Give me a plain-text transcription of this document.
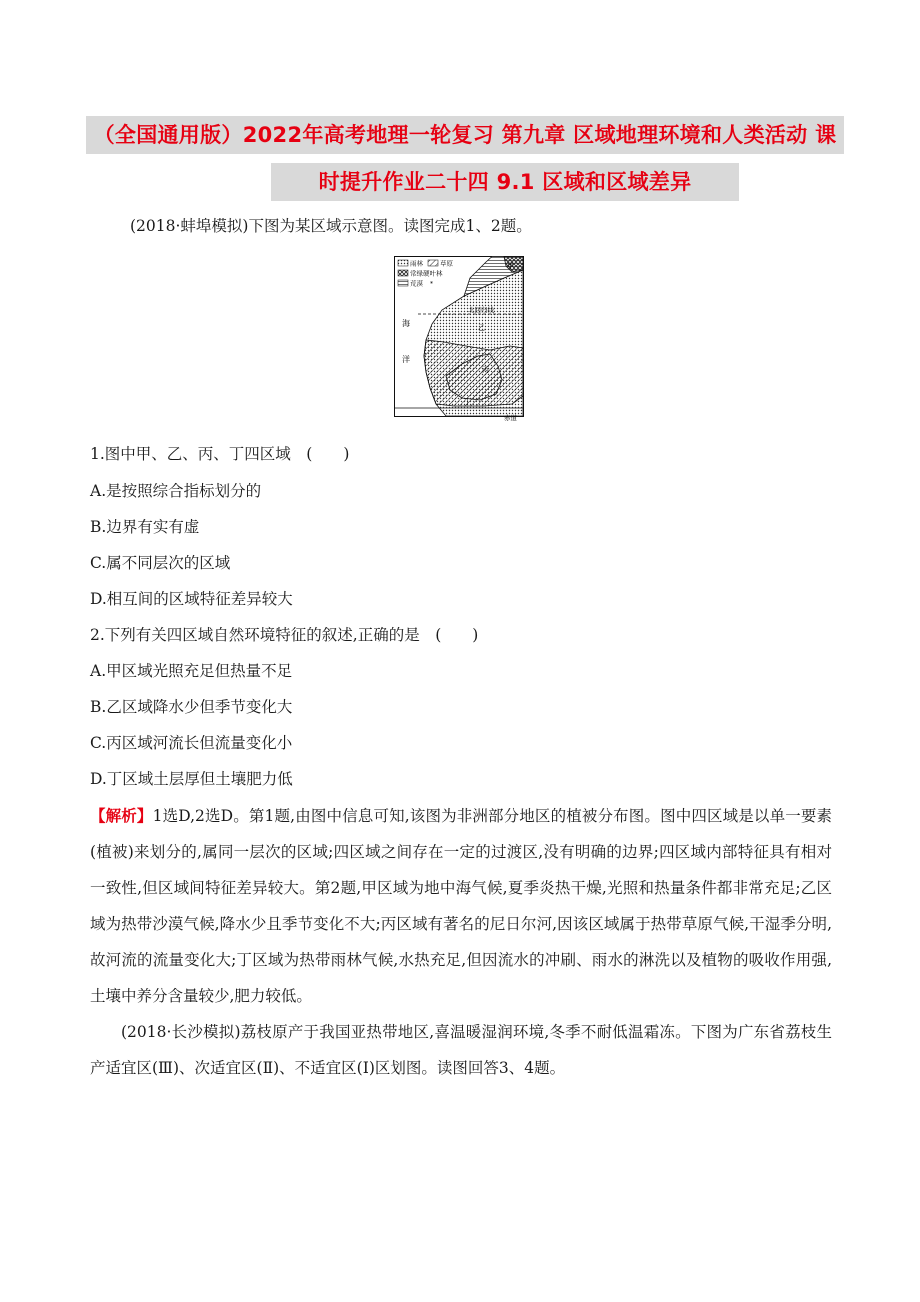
（全国通用版）2022年高考地理一轮复习 第九章 区域地理环境和人类活动 课
时提升作业二十四 9.1 区域和区域差异
(2018·蚌埠模拟)下图为某区域示意图。读图完成1、2题。
雨林	草原
常绿硬叶林
荒漠 *
甲
乙
丙
丁
海
洋
北回归线
赤道
1.图中甲、乙、丙、丁四区域　(　　)
A.是按照综合指标划分的
B.边界有实有虚
C.属不同层次的区域
D.相互间的区域特征差异较大
2.下列有关四区域自然环境特征的叙述,正确的是　(　　)
A.甲区域光照充足但热量不足
B.乙区域降水少但季节变化大
C.丙区域河流长但流量变化小
D.丁区域土层厚但土壤肥力低
【解析】1选D,2选D。第1题,由图中信息可知,该图为非洲部分地区的植被分布图。图中四区域是以单一要素(植被)来划分的,属同一层次的区域;四区域之间存在一定的过渡区,没有明确的边界;四区域内部特征具有相对一致性,但区域间特征差异较大。第2题,甲区域为地中海气候,夏季炎热干燥,光照和热量条件都非常充足;乙区域为热带沙漠气候,降水少且季节变化不大;丙区域有著名的尼日尔河,因该区域属于热带草原气候,干湿季分明,故河流的流量变化大;丁区域为热带雨林气候,水热充足,但因流水的冲刷、雨水的淋洗以及植物的吸收作用强,土壤中养分含量较少,肥力较低。
(2018·长沙模拟)荔枝原产于我国亚热带地区,喜温暖湿润环境,冬季不耐低温霜冻。下图为广东省荔枝生产适宜区(Ⅲ)、次适宜区(Ⅱ)、不适宜区(Ⅰ)区划图。读图回答3、4题。
